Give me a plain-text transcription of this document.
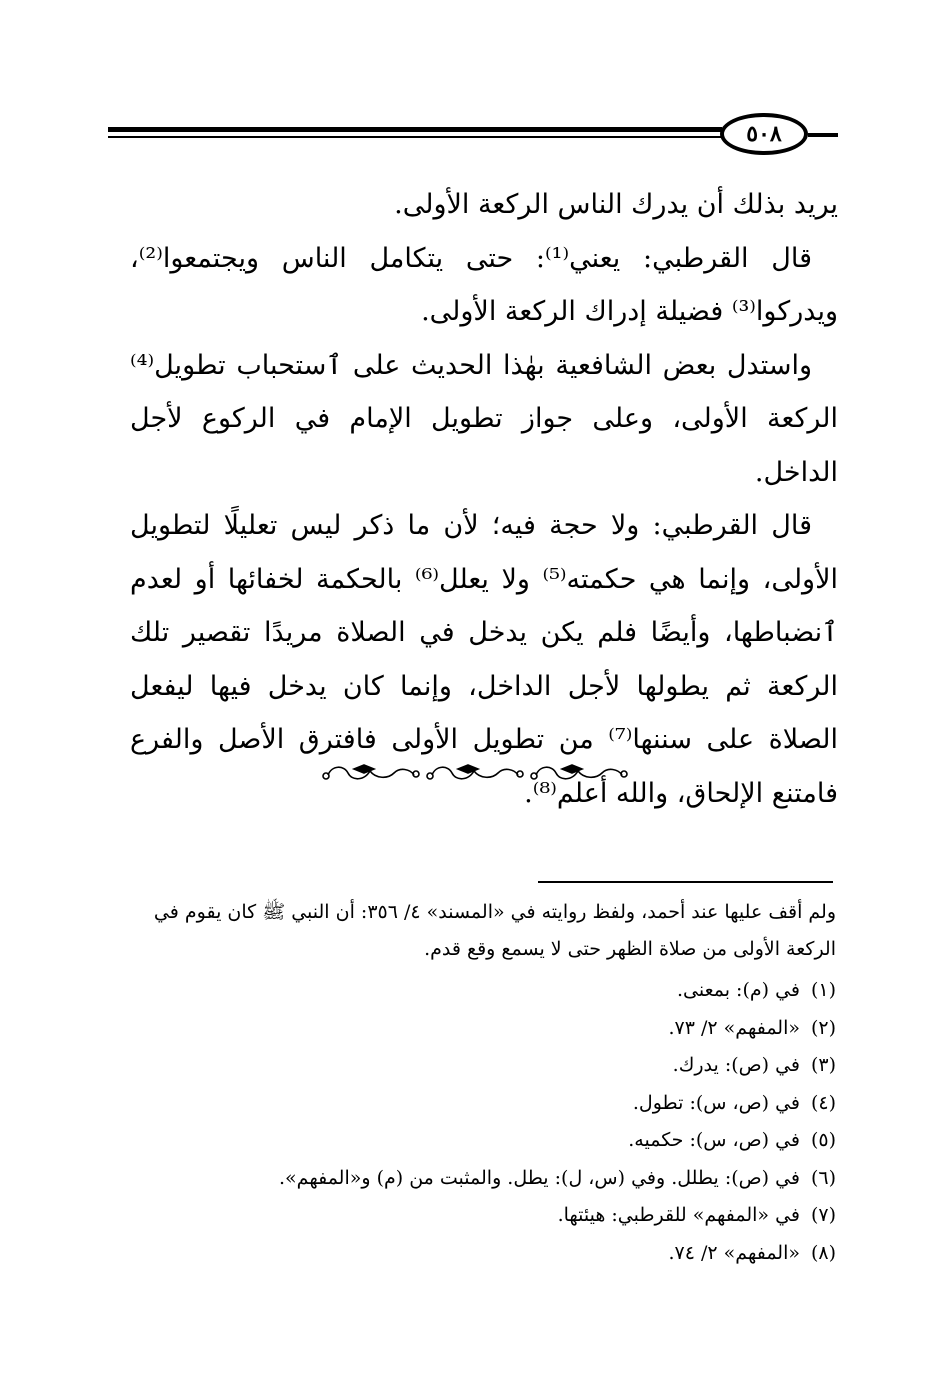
٥٠٨

يريد بذلك أن يدرك الناس الركعة الأولى.

قال القرطبي: يعني⁽¹⁾: حتى يتكامل الناس ويجتمعوا⁽²⁾، ويدركوا⁽³⁾ فضيلة إدراك الركعة الأولى.

واستدل بعض الشافعية بهٰذا الحديث على ٱستحباب تطويل⁽⁴⁾ الركعة الأولى، وعلى جواز تطويل الإمام في الركوع لأجل الداخل.

قال القرطبي: ولا حجة فيه؛ لأن ما ذكر ليس تعليلًا لتطويل الأولى، وإنما هي حكمته⁽⁵⁾ ولا يعلل⁽⁶⁾ بالحكمة لخفائها أو لعدم ٱنضباطها، وأيضًا فلم يكن يدخل في الصلاة مريدًا تقصير تلك الركعة ثم يطولها لأجل الداخل، وإنما كان يدخل فيها ليفعل الصلاة على سننها⁽⁷⁾ من تطويل الأولى فافترق الأصل والفرع فامتنع الإلحاق، والله أعلم⁽⁸⁾.

ولم أقف عليها عند أحمد، ولفظ روايته في «المسند» ٤/ ٣٥٦: أن النبي ﷺ كان يقوم في الركعة الأولى من صلاة الظهر حتى لا يسمع وقع قدم.

(١)
في (م): بمعنى.
(٢)
«المفهم» ٢/ ٧٣.
(٣)
في (ص): يدرك.
(٤)
في (ص، س): تطول.
(٥)
في (ص، س): حكميه.
(٦)
في (ص): يطلل. وفي (س، ل): يطل. والمثبت من (م) و«المفهم».
(٧)
في «المفهم» للقرطبي: هيئتها.
(٨)
«المفهم» ٢/ ٧٤.
